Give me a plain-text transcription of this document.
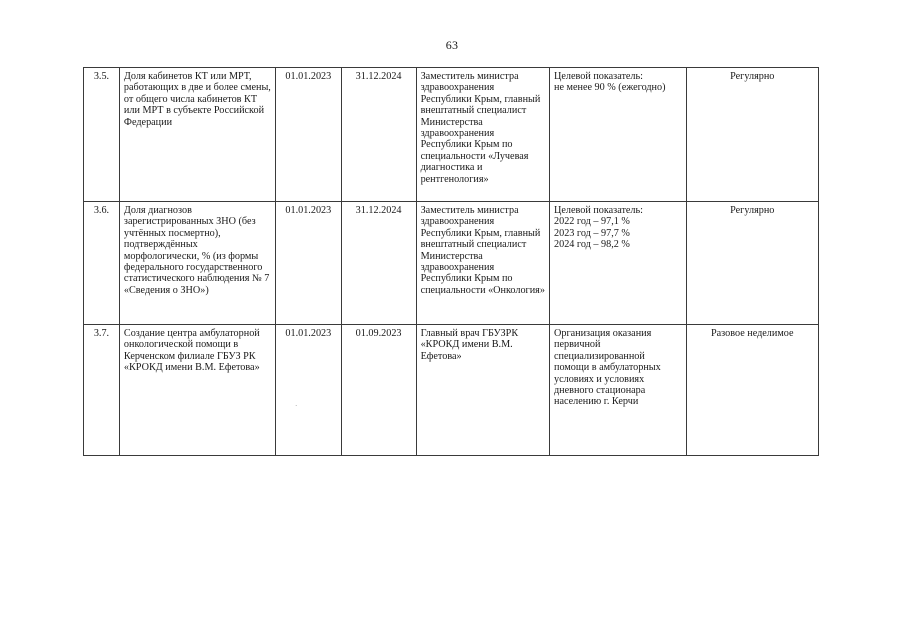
63
3.5.	Доля кабинетов КТ или МРТ, работающих в две и более смены, от общего числа кабинетов КТ или МРТ в субъекте Российской Федерации	01.01.2023	31.12.2024	Заместитель министра здравоохранения Республики Крым, главный внештатный специалист Министерства здравоохранения Республики Крым по специальности «Лучевая диагностика и рентгенология»	Целевой показатель:
не менее 90 % (ежегодно)	Регулярно
3.6.	Доля диагнозов зарегистрированных ЗНО (без учтённых посмертно), подтверждённых морфологически, % (из формы федерального государственного статистического наблюдения № 7 «Сведения о ЗНО»)	01.01.2023	31.12.2024	Заместитель министра здравоохранения Республики Крым, главный внештатный специалист Министерства здравоохранения Республики Крым по специальности «Онкология»	Целевой показатель:
2022 год – 97,1 %
2023 год – 97,7 %
2024 год – 98,2 %	Регулярно
3.7.	Создание центра амбулаторной онкологической помощи в Керченском филиале ГБУЗ РК «КРОКД имени В.М. Ефетова»	01.01.2023	01.09.2023	Главный врач ГБУЗРК «КРОКД имени В.М. Ефетова»	Организация оказания первичной специализированной помощи в амбулаторных условиях и условиях дневного стационара населению г. Керчи	Разовое неделимое
·
